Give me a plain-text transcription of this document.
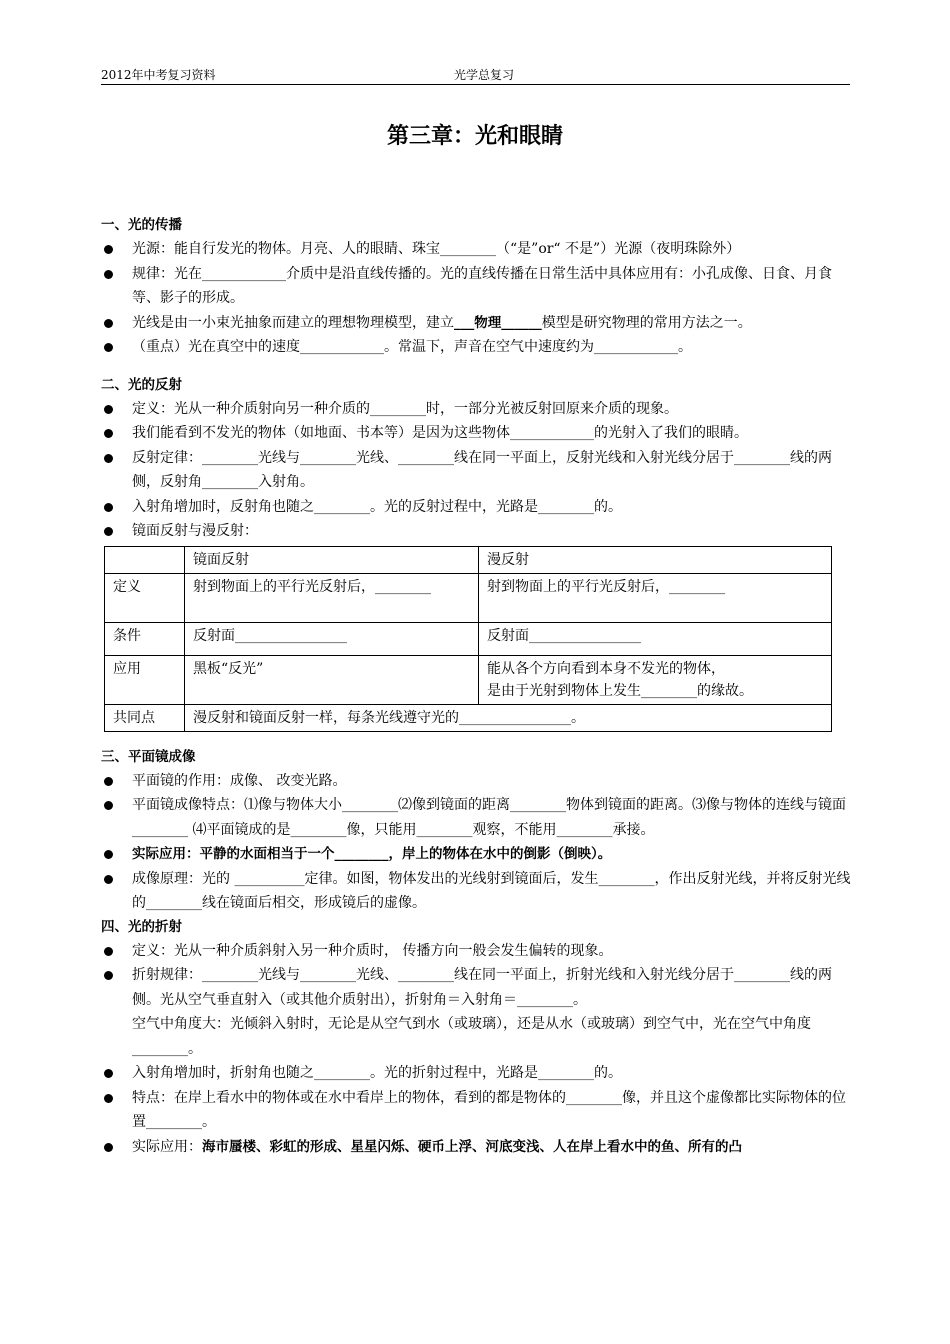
2012年中考复习资料	光学总复习
第三章：光和眼睛
一、光的传播
光源：能自行发光的物体。月亮、人的眼睛、珠宝________（“是”or“ 不是”）光源（夜明珠除外）
规律：光在____________介质中是沿直线传播的。光的直线传播在日常生活中具体应用有：小孔成像、日食、月食等、影子的形成。
光线是由一小束光抽象而建立的理想物理模型，建立___物理______模型是研究物理的常用方法之一。
（重点）光在真空中的速度____________。常温下，声音在空气中速度约为____________。
二、光的反射
定义：光从一种介质射向另一种介质的________时，一部分光被反射回原来介质的现象。
我们能看到不发光的物体（如地面、书本等）是因为这些物体____________的光射入了我们的眼睛。
反射定律：________光线与________光线、________线在同一平面上，反射光线和入射光线分居于________线的两侧，反射角________入射角。
入射角增加时，反射角也随之________。光的反射过程中，光路是________的。
镜面反射与漫反射：
	镜面反射	漫反射
定义	射到物面上的平行光反射后，________	射到物面上的平行光反射后，________
条件	反射面________________	反射面________________
应用	黑板“反光”	能从各个方向看到本身不发光的物体，
是由于光射到物体上发生________的缘故。

共同点	漫反射和镜面反射一样，每条光线遵守光的________________。	
三、平面镜成像
平面镜的作用：成像、 改变光路。
平面镜成像特点：⑴像与物体大小________⑵像到镜面的距离________物体到镜面的距离。⑶像与物体的连线与镜面________ ⑷平面镜成的是________像，只能用________观察，不能用________承接。
实际应用：平静的水面相当于一个________，岸上的物体在水中的倒影（倒映）。
成像原理：光的 __________定律。如图，物体发出的光线射到镜面后，发生________，作出反射光线，并将反射光线的________线在镜面后相交，形成镜后的虚像。
四、光的折射
定义：光从一种介质斜射入另一种介质时， 传播方向一般会发生偏转的现象。
折射规律：________光线与________光线、________线在同一平面上，折射光线和入射光线分居于________线的两侧。光从空气垂直射入（或其他介质射出），折射角＝入射角＝________。
空气中角度大：光倾斜入射时，无论是从空气到水（或玻璃），还是从水（或玻璃）到空气中，光在空气中角度________。
入射角增加时，折射角也随之________。光的折射过程中，光路是________的。
特点：在岸上看水中的物体或在水中看岸上的物体，看到的都是物体的________像，并且这个虚像都比实际物体的位置________。
实际应用：海市蜃楼、彩虹的形成、星星闪烁、硬币上浮、河底变浅、人在岸上看水中的鱼、所有的凸
